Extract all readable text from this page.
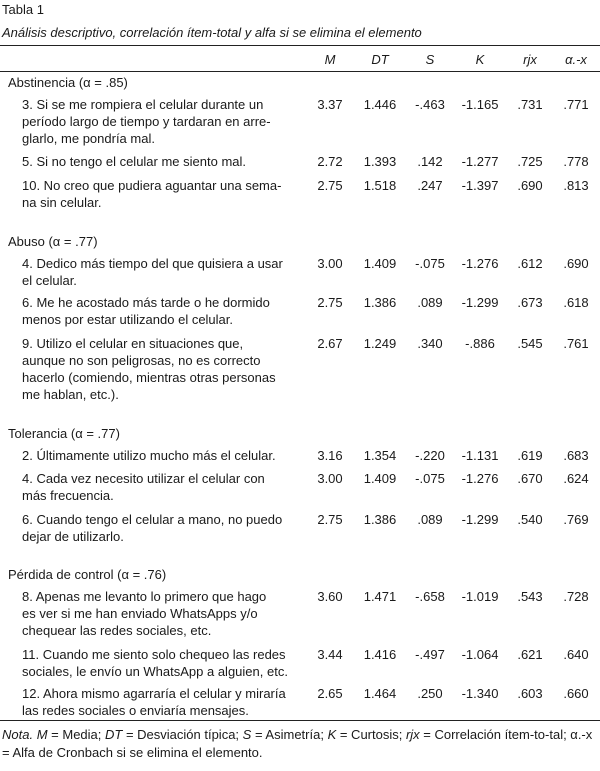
Tabla 1
Análisis descriptivo, correlación ítem-total y alfa si se elimina el elemento
M	DT	S	K	rjx	α.-x
Abstinencia (α = .85)
3. Si se me rompiera el celular durante un
período largo de tiempo y tardaran en arre-
glarlo, me pondría mal.
3.37	1.446	-.463	-1.165	.731	.771
5. Si no tengo el celular me siento mal.	2.72	1.393	.142	-1.277	.725	.778
10. No creo que pudiera aguantar una sema-
na sin celular.
2.75	1.518	.247	-1.397	.690	.813
Abuso (α = .77)
4. Dedico más tiempo del que quisiera a usar
el celular.
3.00	1.409	-.075	-1.276	.612	.690
6. Me he acostado más tarde o he dormido
menos por estar utilizando el celular.
2.75	1.386	.089	-1.299	.673	.618
9. Utilizo el celular en situaciones que,
aunque no son peligrosas, no es correcto
hacerlo (comiendo, mientras otras personas
me hablan, etc.).
2.67	1.249	.340	-.886	.545	.761
Tolerancia (α = .77)
2. Últimamente utilizo mucho más el celular.	3.16	1.354	-.220	-1.131	.619	.683
4. Cada vez necesito utilizar el celular con
más frecuencia.
3.00	1.409	-.075	-1.276	.670	.624
6. Cuando tengo el celular a mano, no puedo
dejar de utilizarlo.
2.75	1.386	.089	-1.299	.540	.769
Pérdida de control (α = .76)
8. Apenas me levanto lo primero que hago
es ver si me han enviado WhatsApps y/o
chequear las redes sociales, etc.
3.60	1.471	-.658	-1.019	.543	.728
11. Cuando me siento solo chequeo las redes
sociales, le envío un WhatsApp a alguien, etc.
3.44	1.416	-.497	-1.064	.621	.640
12. Ahora mismo agarraría el celular y miraría
las redes sociales o enviaría mensajes.
2.65	1.464	.250	-1.340	.603	.660
Nota. M = Media; DT = Desviación típica; S = Asimetría; K = Curtosis; rjx = Correlación ítem-to-tal; α.-x = Alfa de Cronbach si se elimina el elemento.
